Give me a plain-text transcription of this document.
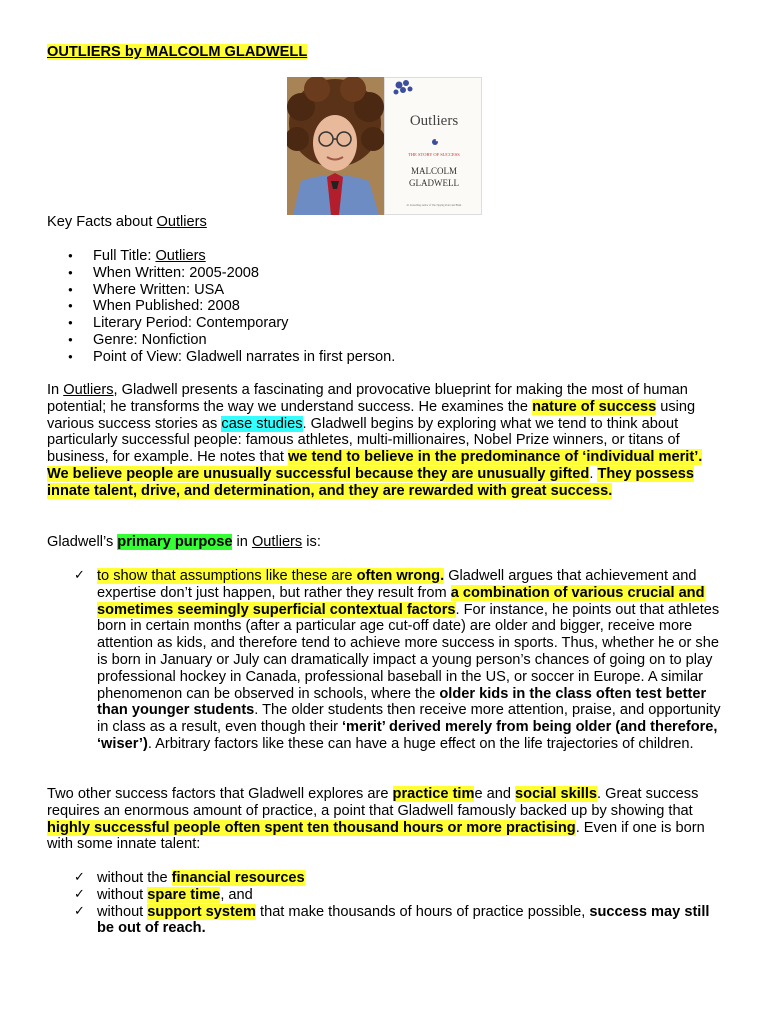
OUTLIERS by MALCOLM GLADWELL
Outliers
THE STORY OF SUCCESS
MALCOLM
GLADWELL
#1 bestselling author of The Tipping Point and Blink

Key Facts about Outliers

● Full Title: Outliers
● When Written: 2005-2008
● Where Written: USA
● When Published: 2008
● Literary Period: Contemporary
● Genre: Nonfiction
● Point of View: Gladwell narrates in first person.

In Outliers, Gladwell presents a fascinating and provocative blueprint for making the most of human potential; he transforms the way we understand success. He examines the nature of success using various success stories as case studies. Gladwell begins by exploring what we tend to think about particularly successful people: famous athletes, multi-millionaires, Nobel Prize winners, or titans of business, for example. He notes that we tend to believe in the predominance of ‘individual merit’. We believe people are unusually successful because they are unusually gifted. They possess innate talent, drive, and determination, and they are rewarded with great success.

Gladwell’s primary purpose in Outliers is:

✓ to show that assumptions like these are often wrong. Gladwell argues that achievement and expertise don’t just happen, but rather they result from a combination of various crucial and sometimes seemingly superficial contextual factors. For instance, he points out that athletes born in certain months (after a particular age cut-off date) are older and bigger, receive more attention as kids, and therefore tend to achieve more success in sports. Thus, whether he or she is born in January or July can dramatically impact a young person’s chances of going on to play professional hockey in Canada, professional baseball in the US, or soccer in Europe. A similar phenomenon can be observed in schools, where the older kids in the class often test better than younger students. The older students then receive more attention, praise, and opportunity in class as a result, even though their ‘merit’ derived merely from being older (and therefore, ‘wiser’). Arbitrary factors like these can have a huge effect on the life trajectories of children.

Two other success factors that Gladwell explores are practice time and social skills. Great success requires an enormous amount of practice, a point that Gladwell famously backed up by showing that highly successful people often spent ten thousand hours or more practising. Even if one is born with some innate talent:

✓ without the financial resources
✓ without spare time, and
✓ without support system that make thousands of hours of practice possible, success may still be out of reach.
